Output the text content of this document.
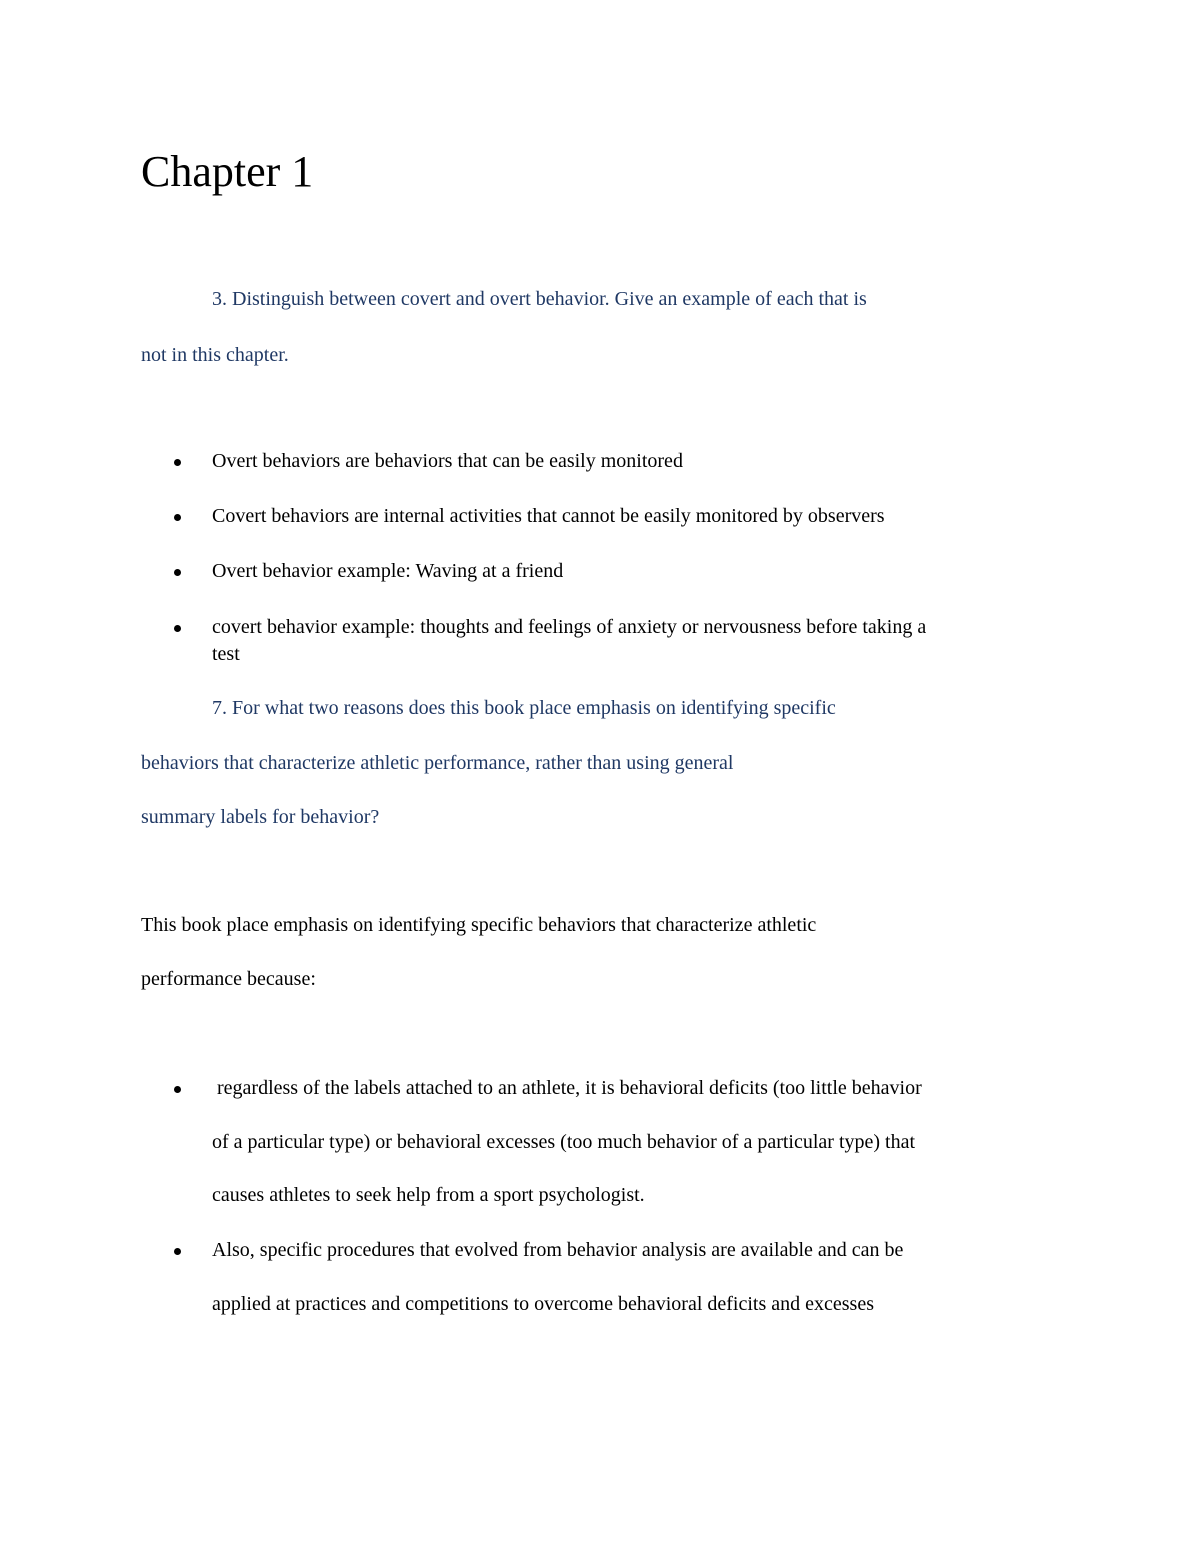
Chapter 1
3. Distinguish between covert and overt behavior. Give an example of each that is
not in this chapter.
Overt behaviors are behaviors that can be easily monitored
Covert behaviors are internal activities that cannot be easily monitored by observers
Overt behavior example: Waving at a friend
covert behavior example: thoughts and feelings of anxiety or nervousness before taking a
test
7. For what two reasons does this book place emphasis on identifying specific
behaviors that characterize athletic performance, rather than using general
summary labels for behavior?
This book place emphasis on identifying specific behaviors that characterize athletic
performance because:
regardless of the labels attached to an athlete, it is behavioral deficits (too little behavior
of a particular type) or behavioral excesses (too much behavior of a particular type) that
causes athletes to seek help from a sport psychologist.
Also, specific procedures that evolved from behavior analysis are available and can be
applied at practices and competitions to overcome behavioral deficits and excesses
